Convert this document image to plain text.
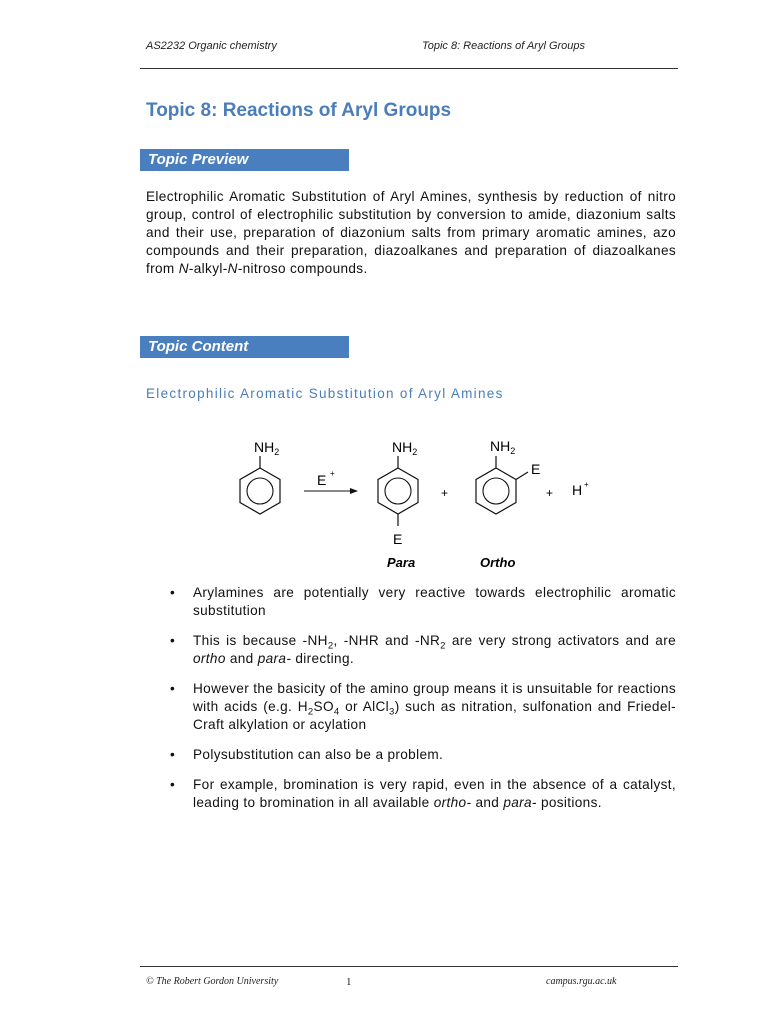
AS2232 Organic chemistry	Topic 8: Reactions of Aryl Groups
Topic 8: Reactions of Aryl Groups
Topic Preview
Electrophilic Aromatic Substitution of Aryl Amines, synthesis by reduction of nitro group, control of electrophilic substitution by conversion to amide, diazonium salts and their use, preparation of diazonium salts from primary aromatic amines, azo compounds and their preparation, diazoalkanes and preparation of diazoalkanes from N-alkyl-N-nitroso compounds.
Topic Content
Electrophilic Aromatic Substitution of Aryl Amines
$NH_2$
E +
$NH_2$
E
Para
+
$NH_2$
E
Ortho
+ H +
• Arylamines are potentially very reactive towards electrophilic aromatic substitution
• This is because $-NH_2$, -NHR and $-NR_2$ are very strong activators and are ortho and para- directing.
• However the basicity of the amino group means it is unsuitable for reactions with acids (e.g. $H_2SO_4$ or AlCl$_3$) such as nitration, sulfonation and Friedel-Craft alkylation or acylation
• Polysubstitution can also be a problem.
• For example, bromination is very rapid, even in the absence of a catalyst, leading to bromination in all available ortho- and para- positions.
© The Robert Gordon University	1	campus.rgu.ac.uk
